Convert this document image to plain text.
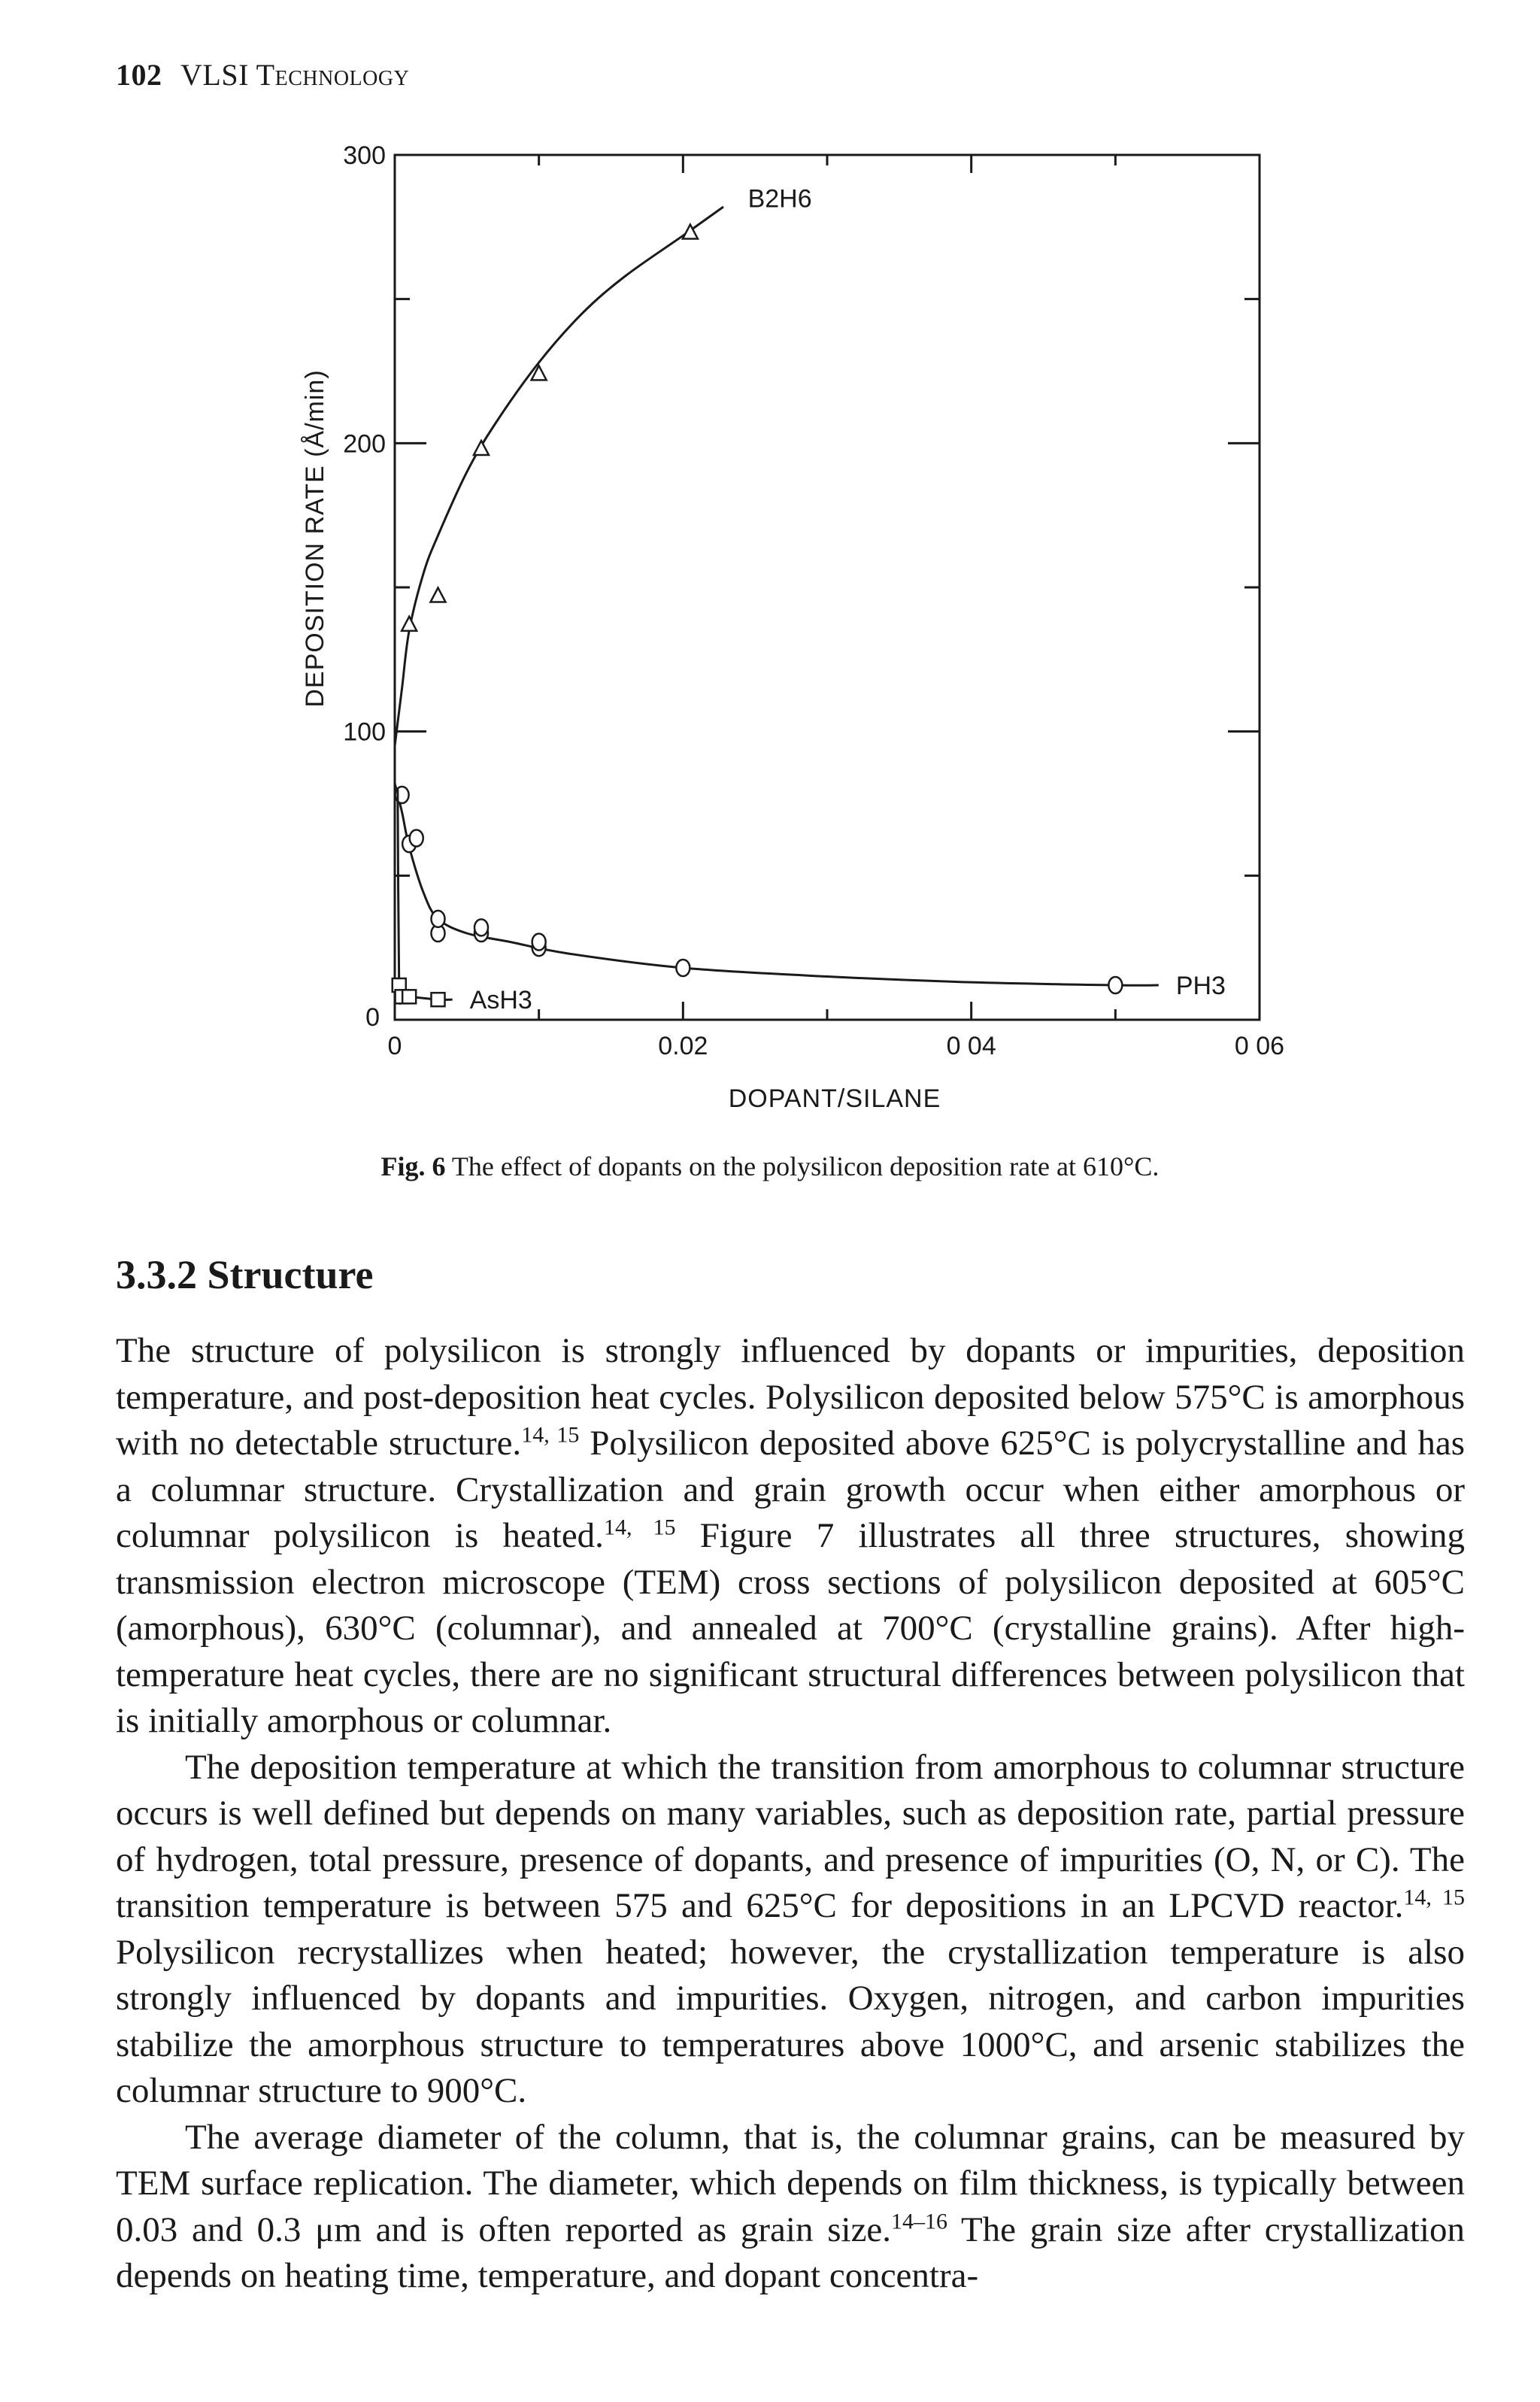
102 VLSI Technology
0
100
200
300
0	0.02	0 04	0 06
DOPANT/SILANE
DEPOSITION RATE (Å/min)
B2H6
PH3
AsH3
Fig. 6 The effect of dopants on the polysilicon deposition rate at 610°C.
3.3.2 Structure

The structure of polysilicon is strongly influenced by dopants or impurities, deposition temperature, and post-deposition heat cycles. Polysilicon deposited below 575°C is amorphous with no detectable structure.$^{14, 15}$ Polysilicon deposited above 625°C is polycrystalline and has a columnar structure. Crystallization and grain growth occur when either amorphous or columnar polysilicon is heated.$^{14, 15}$ Figure 7 illustrates all three structures, showing transmission electron microscope (TEM) cross sections of polysilicon deposited at 605°C (amorphous), 630°C (columnar), and annealed at 700°C (crystalline grains). After high-temperature heat cycles, there are no significant structural differences between polysilicon that is initially amorphous or columnar.

The deposition temperature at which the transition from amorphous to columnar structure occurs is well defined but depends on many variables, such as deposition rate, partial pressure of hydrogen, total pressure, presence of dopants, and presence of impurities (O, N, or C). The transition temperature is between 575 and 625°C for depositions in an LPCVD reactor.$^{14, 15}$ Polysilicon recrystallizes when heated; however, the crystallization temperature is also strongly influenced by dopants and impurities. Oxygen, nitrogen, and carbon impurities stabilize the amorphous structure to temperatures above 1000°C, and arsenic stabilizes the columnar structure to 900°C.

The average diameter of the column, that is, the columnar grains, can be measured by TEM surface replication. The diameter, which depends on film thickness, is typically between 0.03 and 0.3 μm and is often reported as grain size.$^{14-16}$ The grain size after crystallization depends on heating time, temperature, and dopant concentra-
